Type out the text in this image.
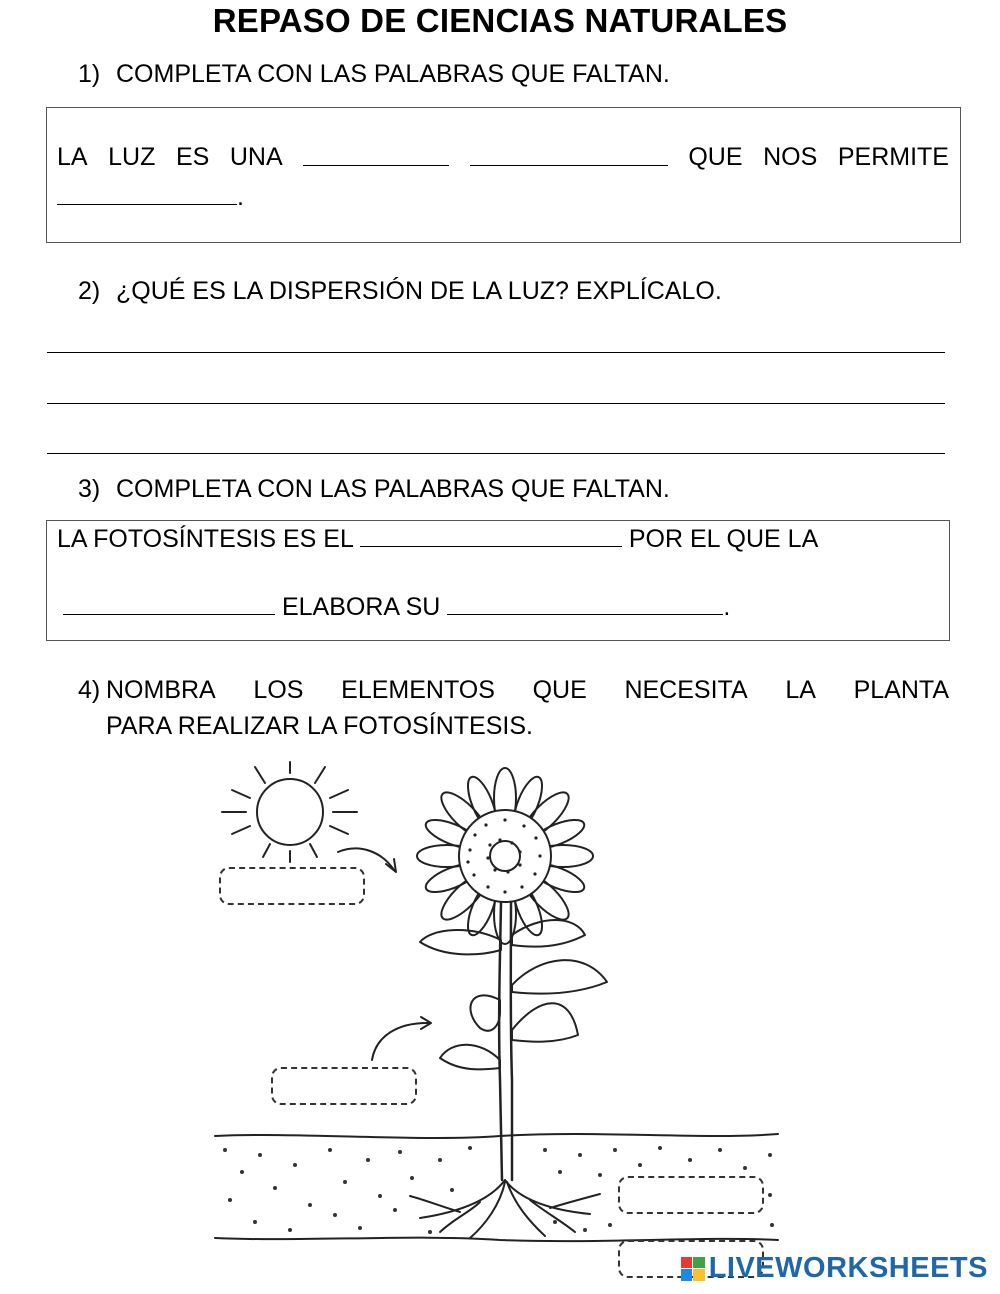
REPASO DE CIENCIAS NATURALES
1) COMPLETA CON LAS PALABRAS QUE FALTAN.
LA LUZ ES UNA	QUE NOS PERMITE
.
2) ¿QUÉ ES LA DISPERSIÓN DE LA LUZ? EXPLÍCALO.
3) COMPLETA CON LAS PALABRAS QUE FALTAN.
LA FOTOSÍNTESIS ES EL	POR EL QUE LA
ELABORA SU	.
4) NOMBRA LOS ELEMENTOS QUE NECESITA LA PLANTA
PARA REALIZAR LA FOTOSÍNTESIS.
LIVEWORKSHEETS
